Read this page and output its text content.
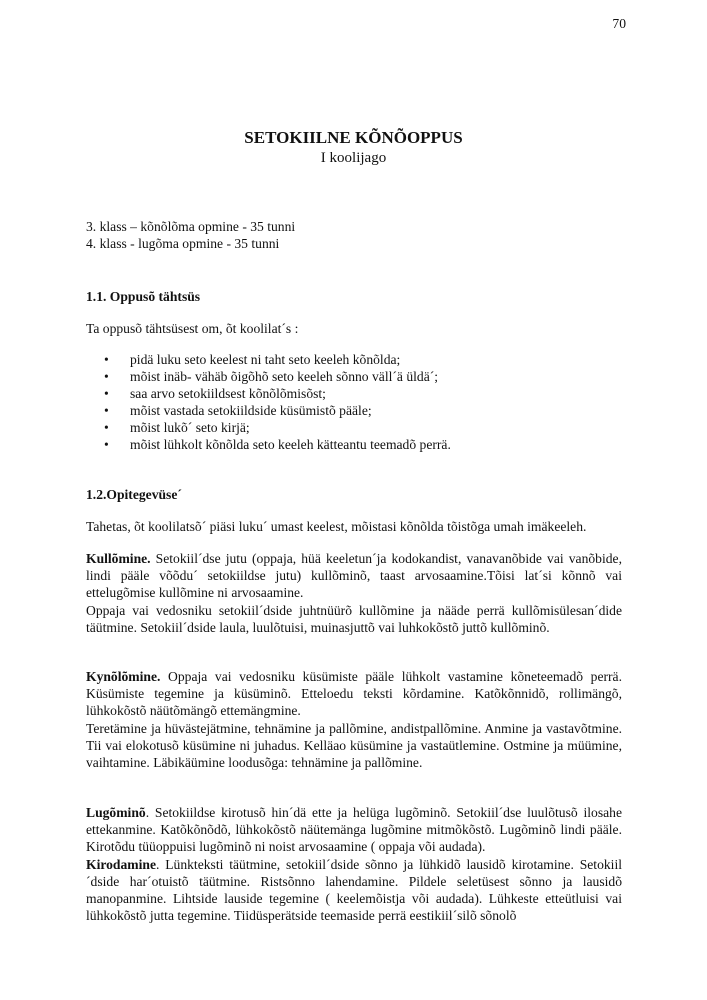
70
SETOKIILNE KÕNÕOPPUS
I koolijago
3. klass – kõnõlõma opmine - 35 tunni
4. klass - lugõma opmine - 35 tunni
1.1. Oppusõ tähtsüs
Ta oppusõ tähtsüsest om, õt koolilat´s :
• pidä luku seto keelest ni taht seto keeleh kõnõlda;
• mõist inäb- vähäb õigõhõ seto keeleh sõnno väll´ä üldä´;
• saa arvo setokiildsest kõnõlõmisõst;
• mõist vastada setokiildside küsümistõ pääle;
• mõist lukõ´ seto kirjä;
• mõist lühkolt kõnõlda seto keeleh kätteantu teemadõ perrä.
1.2.Opitegevüse´
Tahetas, õt koolilatsõ´ piäsi luku´ umast keelest, mõistasi kõnõlda tõistõga umah imäkeeleh.

Kullõmine. Setokiil´dse jutu (oppaja, hüä keeletun´ja kodokandist, vanavanõbide vai vanõbide, lindi pääle võõdu´ setokiildse jutu) kullõminõ, taast arvosaamine.Tõisi lat´si kõnnõ vai ettelugõmise kullõmine ni arvosaamine.

Oppaja vai vedosniku setokiil´dside juhtnüürõ kullõmine ja nääde perrä kullõmisülesan´dide täütmine. Setokiil´dside laula, luulõtuisi, muinasjuttõ vai luhkokõstõ juttõ kullõminõ.

Kynõlõmine. Oppaja vai vedosniku küsümiste pääle lühkolt vastamine kõneteemadõ perrä. Küsümiste tegemine ja küsüminõ. Etteloedu teksti kõrdamine. Katõkõnnidõ, rollimängõ, lühkokõstõ näütõmängõ ettemängmine.

Teretämine ja hüvästejätmine, tehnämine ja pallõmine, andistpallõmine. Anmine ja vastavõtmine. Tii vai elokotusõ küsümine ni juhadus. Kelläao küsümine ja vastaütlemine. Ostmine ja müümine, vaihtamine. Läbikäümine loodusõga: tehnämine ja pallõmine.

Lugõminõ. Setokiildse kirotusõ hin´dä ette ja helüga lugõminõ. Setokiil´dse luulõtusõ ilosahe ettekanmine. Katõkõnõdõ, lühkokõstõ näütemänga lugõmine mitmõkõstõ. Lugõminõ lindi pääle. Kirotõdu tüüoppuisi lugõminõ ni noist arvosaamine ( oppaja või audada).

Kirodamine. Lünkteksti täütmine, setokiil´dside sõnno ja lühkidõ lausidõ kirotamine. Setokiil´dside har´otuistõ täütmine. Ristsõnno lahendamine. Pildele seletüsest sõnno ja lausidõ manopanmine. Lihtside lauside tegemine ( keelemõistja või audada). Lühkeste etteütluisi vai lühkokõstõ jutta tegemine. Tiidüsperätside teemaside perrä eestikiil´silõ sõnolõ
